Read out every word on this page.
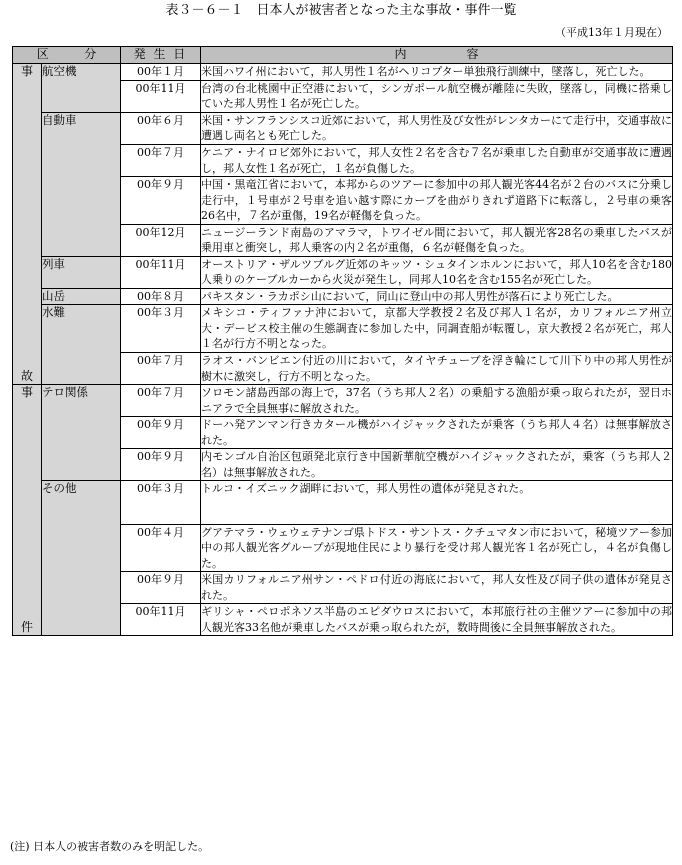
表３－６－１　日本人が被害者となった主な事故・事件一覧
（平成13年１月現在）
区 分		発 生 日	内 容

事
故	航空機	00年１月	米国ハワイ州において，邦人男性１名がヘリコプター単独飛行訓練中，墜落し，死亡した。
		00年11月	台湾の台北桃園中正空港において，シンガポール航空機が離陸に失敗，墜落し，同機に搭乗していた邦人男性１名が死亡した。
	自動車	00年６月	米国・サンフランシスコ近郊において，邦人男性及び女性がレンタカーにて走行中，交通事故に遭遇し両名とも死亡した。
		00年７月	ケニア・ナイロビ郊外において，邦人女性２名を含む７名が乗車した自動車が交通事故に遭遇し，邦人女性１名が死亡，１名が負傷した。
		00年９月	中国・黒竜江省において，本邦からのツアーに参加中の邦人観光客44名が２台のバスに分乗し走行中，１号車が２号車を追い越す際にカーブを曲がりきれず道路下に転落し，２号車の乗客26名中，７名が重傷，19名が軽傷を負った。
		00年12月	ニュージーランド南島のアマラマ，トワイゼル間において，邦人観光客28名の乗車したバスが乗用車と衝突し，邦人乗客の内２名が重傷，６名が軽傷を負った。
	列車	00年11月	オーストリア・ザルツブルグ近郊のキッツ・シュタインホルンにおいて，邦人10名を含む180人乗りのケーブルカーから火災が発生し，同邦人10名を含む155名が死亡した。
	山岳	00年８月	パキスタン・ラカポシ山において，同山に登山中の邦人男性が落石により死亡した。
	水難	00年３月	メキシコ・ティファナ沖において，京都大学教授２名及び邦人１名が，カリフォルニア州立大・デービス校主催の生態調査に参加した中，同調査船が転覆し，京大教授２名が死亡，邦人１名が行方不明となった。
		00年７月	ラオス・バンビエン付近の川において，タイヤチューブを浮き輪にして川下り中の邦人男性が樹木に激突し，行方不明となった。

事
件	テロ関係	00年７月	ソロモン諸島西部の海上で，37名（うち邦人２名）の乗船する漁船が乗っ取られたが，翌日ホニアラで全員無事に解放された。
		00年９月	ドーハ発アンマン行きカタール機がハイジャックされたが乗客（うち邦人４名）は無事解放された。
		00年９月	内モンゴル自治区包頭発北京行き中国新華航空機がハイジャックされたが，乗客（うち邦人２名）は無事解放された。
	その他	00年３月	トルコ・イズニック湖畔において，邦人男性の遺体が発見された。
		00年４月	グアテマラ・ウェウェテナンゴ県トドス・サントス・クチュマタン市において，秘境ツアー参加中の邦人観光客グループが現地住民により暴行を受け邦人観光客１名が死亡し，４名が負傷した。
		00年９月	米国カリフォルニア州サン・ペドロ付近の海底において，邦人女性及び同子供の遺体が発見された。
		00年11月	ギリシャ・ペロポネソス半島のエピダウロスにおいて，本邦旅行社の主催ツアーに参加中の邦人観光客33名他が乗車したバスが乗っ取られたが，数時間後に全員無事解放された。
(注) 日本人の被害者数のみを明記した。
